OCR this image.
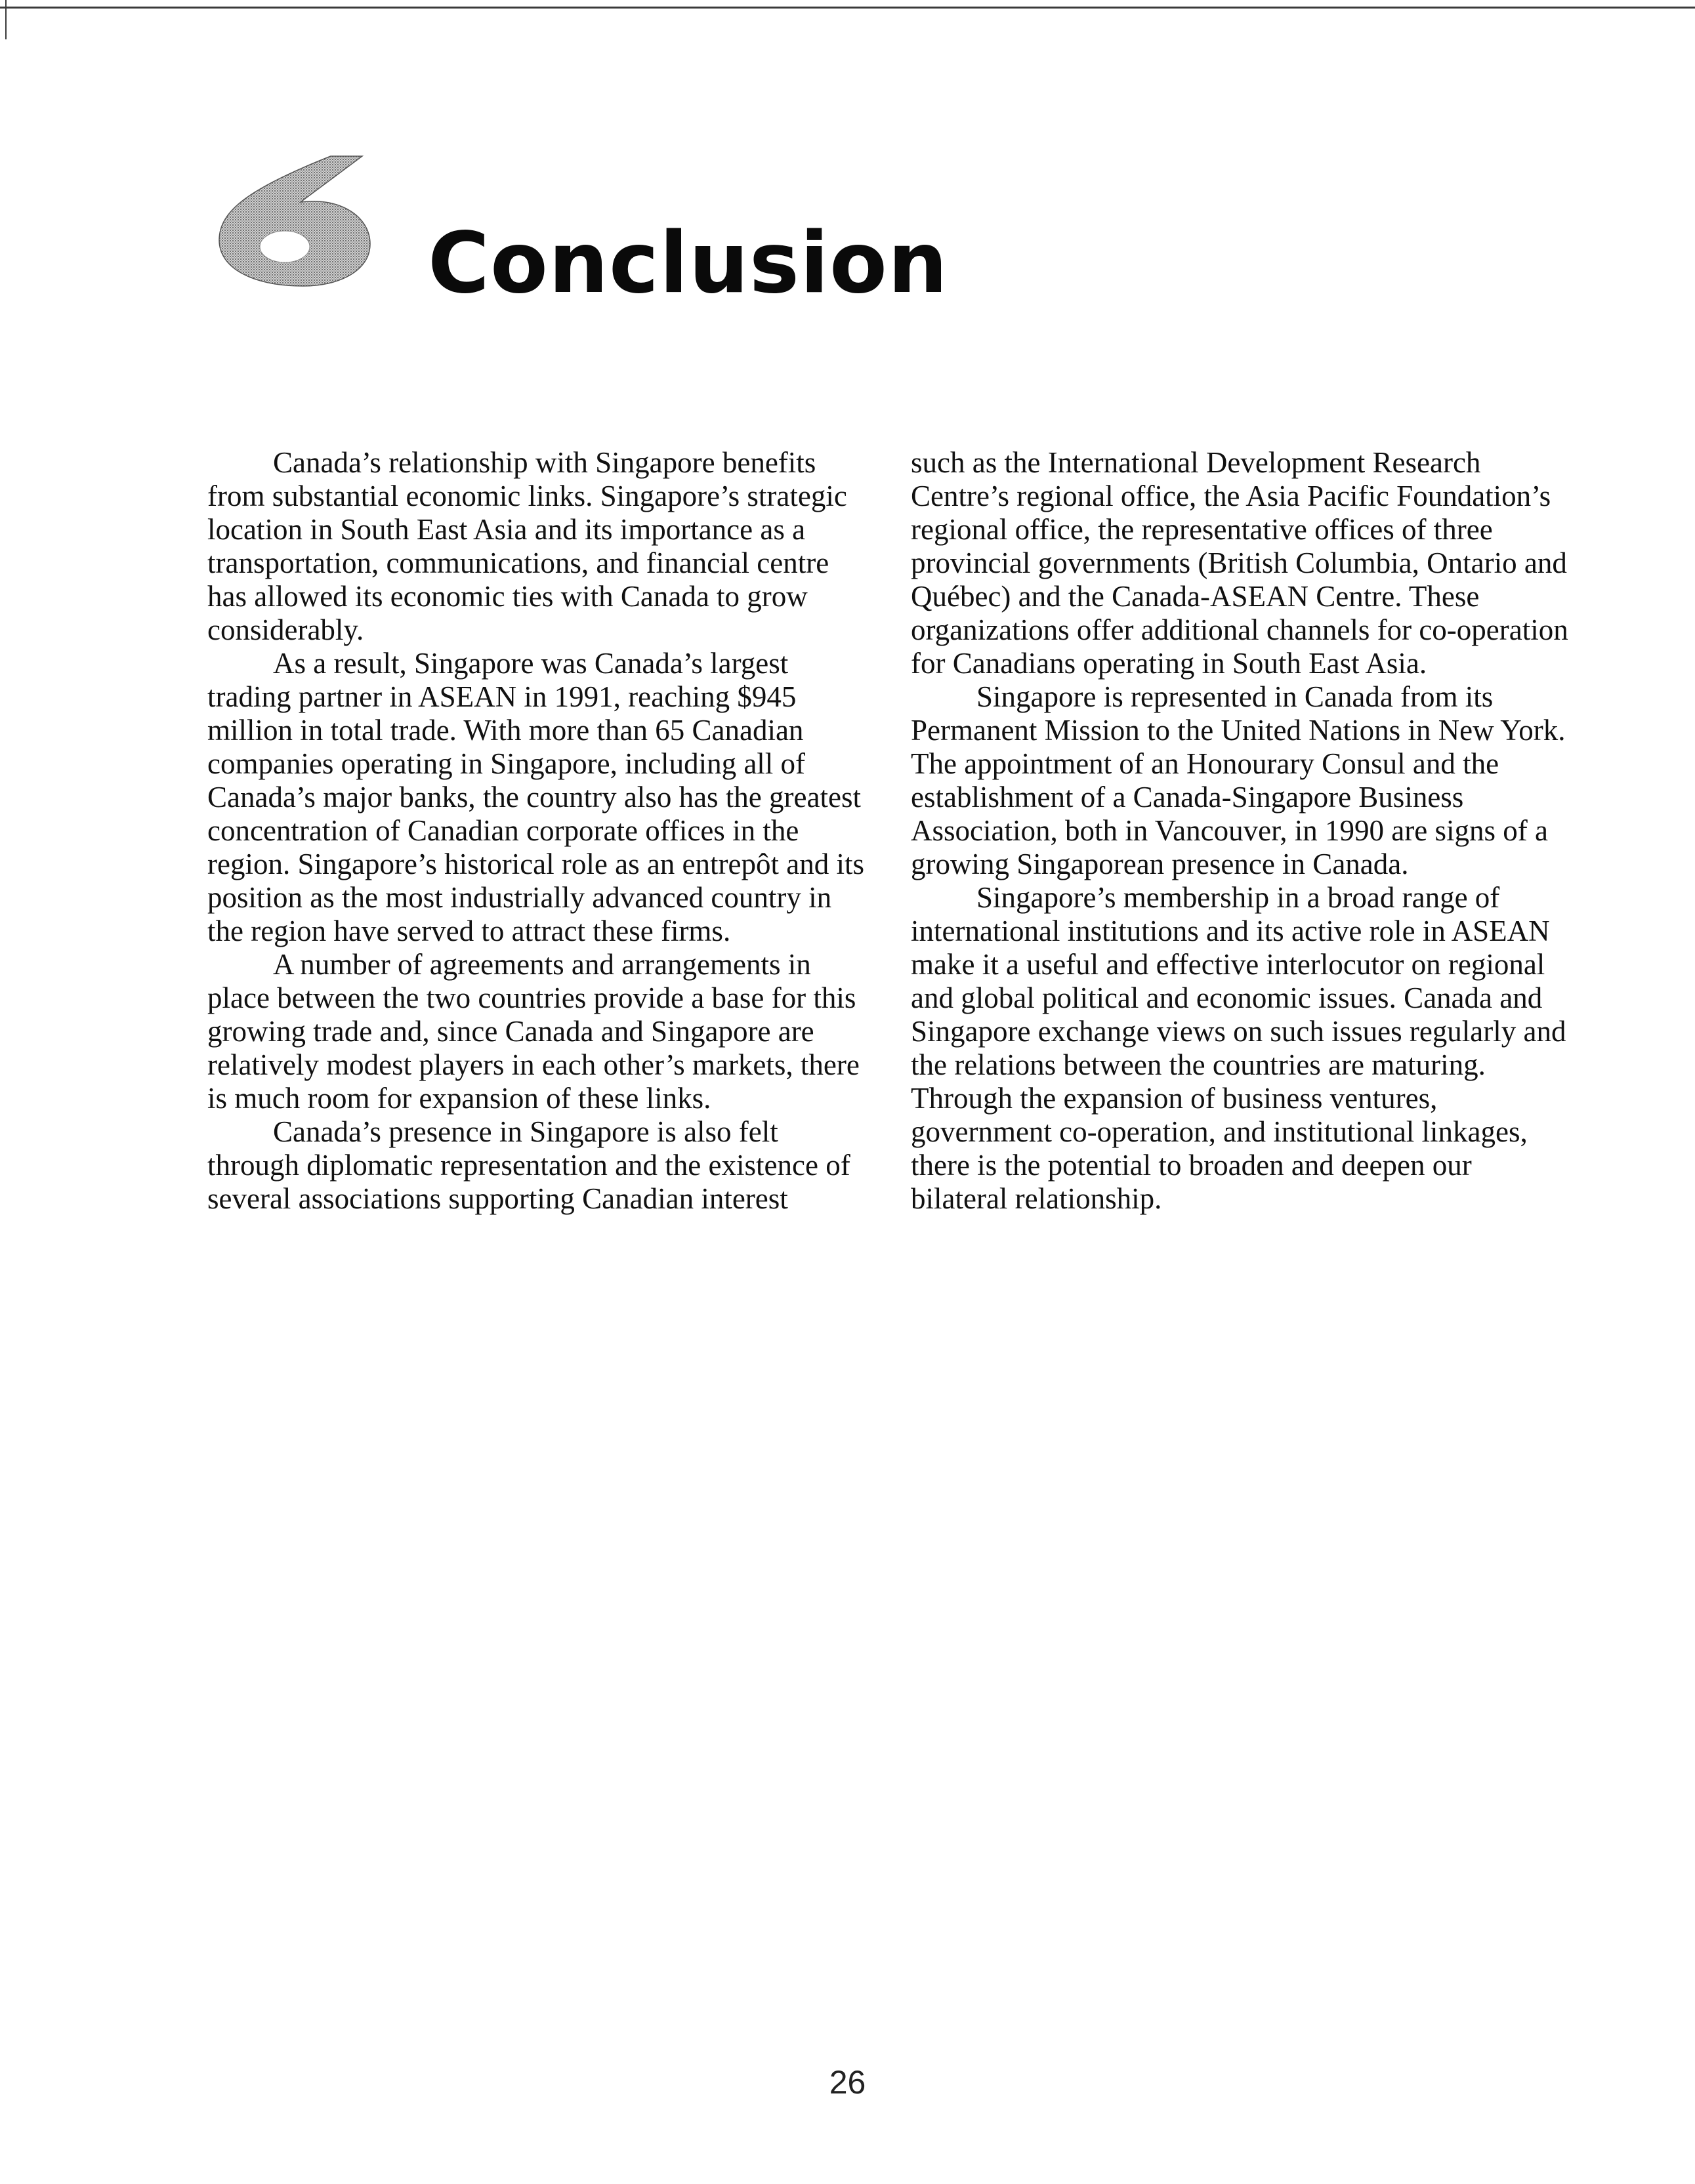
Conclusion

Canada’s relationship with Singapore benefits from substantial economic links. Singapore’s strategic location in South East Asia and its importance as a transportation, communications, and financial centre has allowed its economic ties with Canada to grow considerably.

As a result, Singapore was Canada’s largest trading partner in ASEAN in 1991, reaching $945 million in total trade. With more than 65 Canadian companies operating in Singapore, including all of Canada’s major banks, the country also has the greatest concentration of Canadian corporate offices in the region. Singapore’s historical role as an entrepôt and its position as the most industrially advanced country in the region have served to attract these firms.

A number of agreements and arrangements in place between the two countries provide a base for this growing trade and, since Canada and Singapore are relatively modest players in each other’s markets, there is much room for expansion of these links.

Canada’s presence in Singapore is also felt through diplomatic representation and the existence of several associations supporting Canadian interest

such as the International Development Research Centre’s regional office, the Asia Pacific Foundation’s regional office, the representative offices of three provincial governments (British Columbia, Ontario and Québec) and the Canada-ASEAN Centre. These organizations offer additional channels for co-operation for Canadians operating in South East Asia.

Singapore is represented in Canada from its Permanent Mission to the United Nations in New York. The appointment of an Honourary Consul and the establishment of a Canada-Singapore Business Association, both in Vancouver, in 1990 are signs of a growing Singaporean presence in Canada.

Singapore’s membership in a broad range of international institutions and its active role in ASEAN make it a useful and effective interlocutor on regional and global political and economic issues. Canada and Singapore exchange views on such issues regularly and the relations between the countries are maturing. Through the expansion of business ventures, government co-operation, and institutional linkages, there is the potential to broaden and deepen our bilateral relationship.

26
